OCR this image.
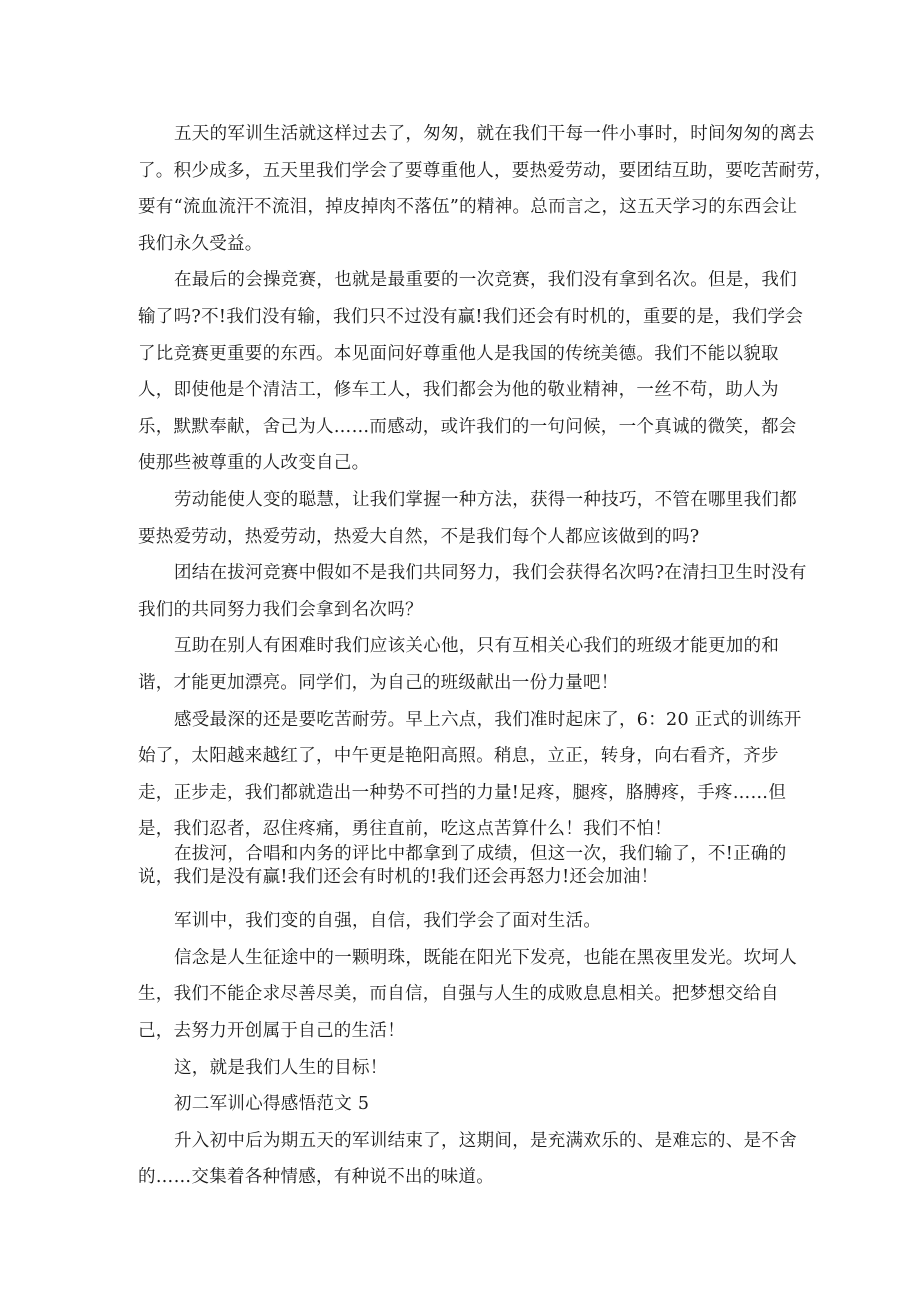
五天的军训生活就这样过去了，匆匆，就在我们干每一件小事时，时间匆匆的离去
了。积少成多，五天里我们学会了要尊重他人，要热爱劳动，要团结互助，要吃苦耐劳，
要有“流血流汗不流泪，掉皮掉肉不落伍”的精神。总而言之，这五天学习的东西会让
我们永久受益。

在最后的会操竞赛，也就是最重要的一次竞赛，我们没有拿到名次。但是，我们
输了吗?不!我们没有输，我们只不过没有赢!我们还会有时机的，重要的是，我们学会
了比竞赛更重要的东西。本见面问好尊重他人是我国的传统美德。我们不能以貌取
人，即使他是个清洁工，修车工人，我们都会为他的敬业精神，一丝不苟，助人为
乐，默默奉献，舍己为人……而感动，或许我们的一句问候，一个真诚的微笑，都会
使那些被尊重的人改变自己。

劳动能使人变的聪慧，让我们掌握一种方法，获得一种技巧，不管在哪里我们都
要热爱劳动，热爱劳动，热爱大自然，不是我们每个人都应该做到的吗?

团结在拔河竞赛中假如不是我们共同努力，我们会获得名次吗?在清扫卫生时没有
我们的共同努力我们会拿到名次吗？

互助在别人有困难时我们应该关心他，只有互相关心我们的班级才能更加的和
谐，才能更加漂亮。同学们，为自己的班级献出一份力量吧！

感受最深的还是要吃苦耐劳。早上六点，我们准时起床了，6：20 正式的训练开
始了，太阳越来越红了，中午更是艳阳高照。稍息，立正，转身，向右看齐，齐步
走，正步走，我们都就造出一种势不可挡的力量!足疼，腿疼，胳膊疼，手疼……但
是，我们忍者，忍住疼痛，勇往直前，吃这点苦算什么！我们不怕！

在拔河，合唱和内务的评比中都拿到了成绩，但这一次，我们输了，不!正确的
说，我们是没有赢!我们还会有时机的!我们还会再怒力!还会加油！

军训中，我们变的自强，自信，我们学会了面对生活。

信念是人生征途中的一颗明珠，既能在阳光下发亮，也能在黑夜里发光。坎坷人
生，我们不能企求尽善尽美，而自信，自强与人生的成败息息相关。把梦想交给自
己，去努力开创属于自己的生活！

这，就是我们人生的目标！

初二军训心得感悟范文 5

升入初中后为期五天的军训结束了，这期间，是充满欢乐的、是难忘的、是不舍
的……交集着各种情感，有种说不出的味道。
